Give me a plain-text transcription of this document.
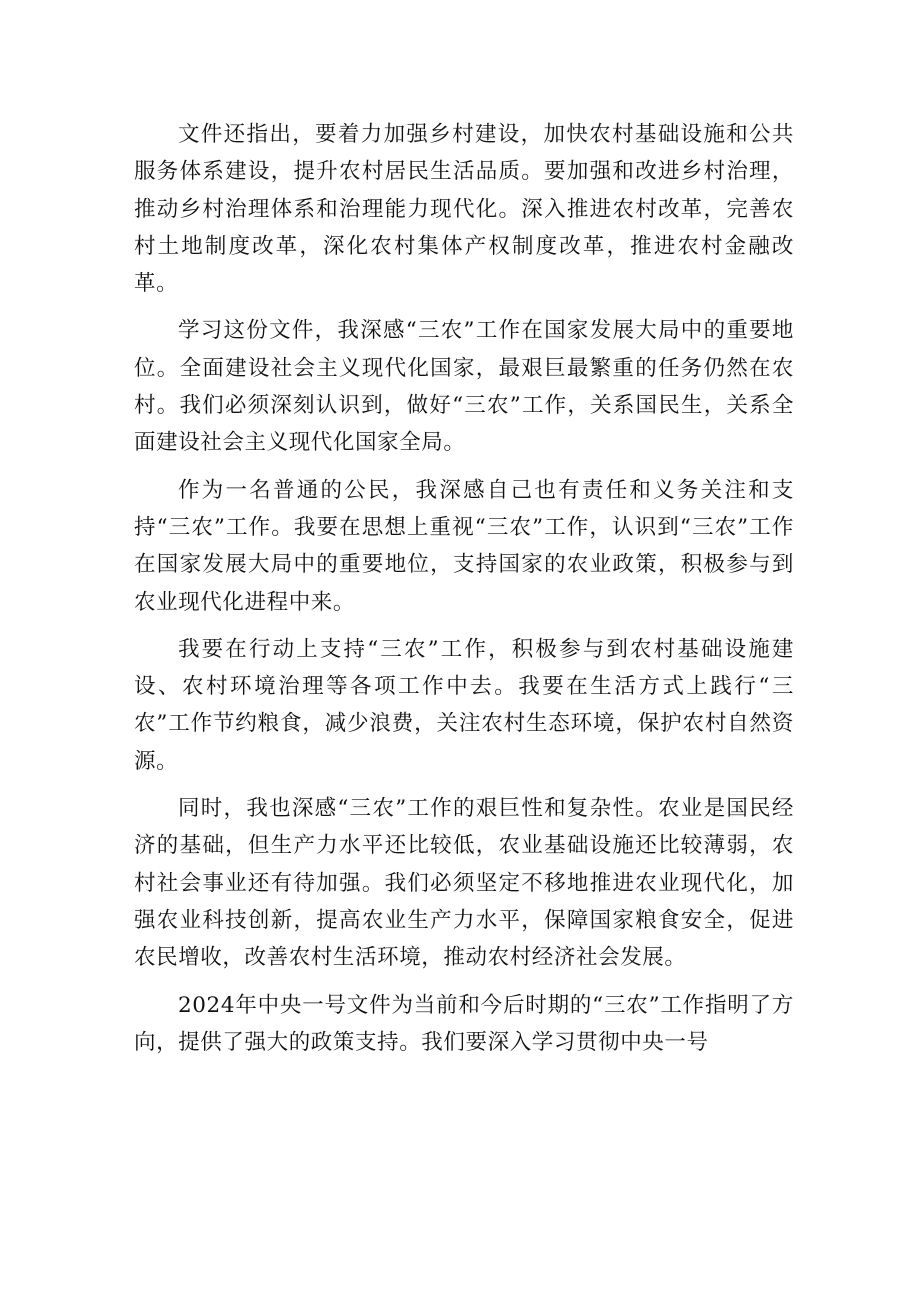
文件还指出，要着力加强乡村建设，加快农村基础设施和公共服务体系建设，提升农村居民生活品质。要加强和改进乡村治理，推动乡村治理体系和治理能力现代化。深入推进农村改革，完善农村土地制度改革，深化农村集体产权制度改革，推进农村金融改革。

学习这份文件，我深感“三农”工作在国家发展大局中的重要地位。全面建设社会主义现代化国家，最艰巨最繁重的任务仍然在农村。我们必须深刻认识到，做好“三农”工作，关系国民生，关系全面建设社会主义现代化国家全局。

作为一名普通的公民，我深感自己也有责任和义务关注和支持“三农”工作。我要在思想上重视“三农”工作，认识到“三农”工作在国家发展大局中的重要地位，支持国家的农业政策，积极参与到农业现代化进程中来。

我要在行动上支持“三农”工作，积极参与到农村基础设施建设、农村环境治理等各项工作中去。我要在生活方式上践行“三农”工作节约粮食，减少浪费，关注农村生态环境，保护农村自然资源。

同时，我也深感“三农”工作的艰巨性和复杂性。农业是国民经济的基础，但生产力水平还比较低，农业基础设施还比较薄弱，农村社会事业还有待加强。我们必须坚定不移地推进农业现代化，加强农业科技创新，提高农业生产力水平，保障国家粮食安全，促进农民增收，改善农村生活环境，推动农村经济社会发展。

2024年中央一号文件为当前和今后时期的“三农”工作指明了方向，提供了强大的政策支持。我们要深入学习贯彻中央一号
